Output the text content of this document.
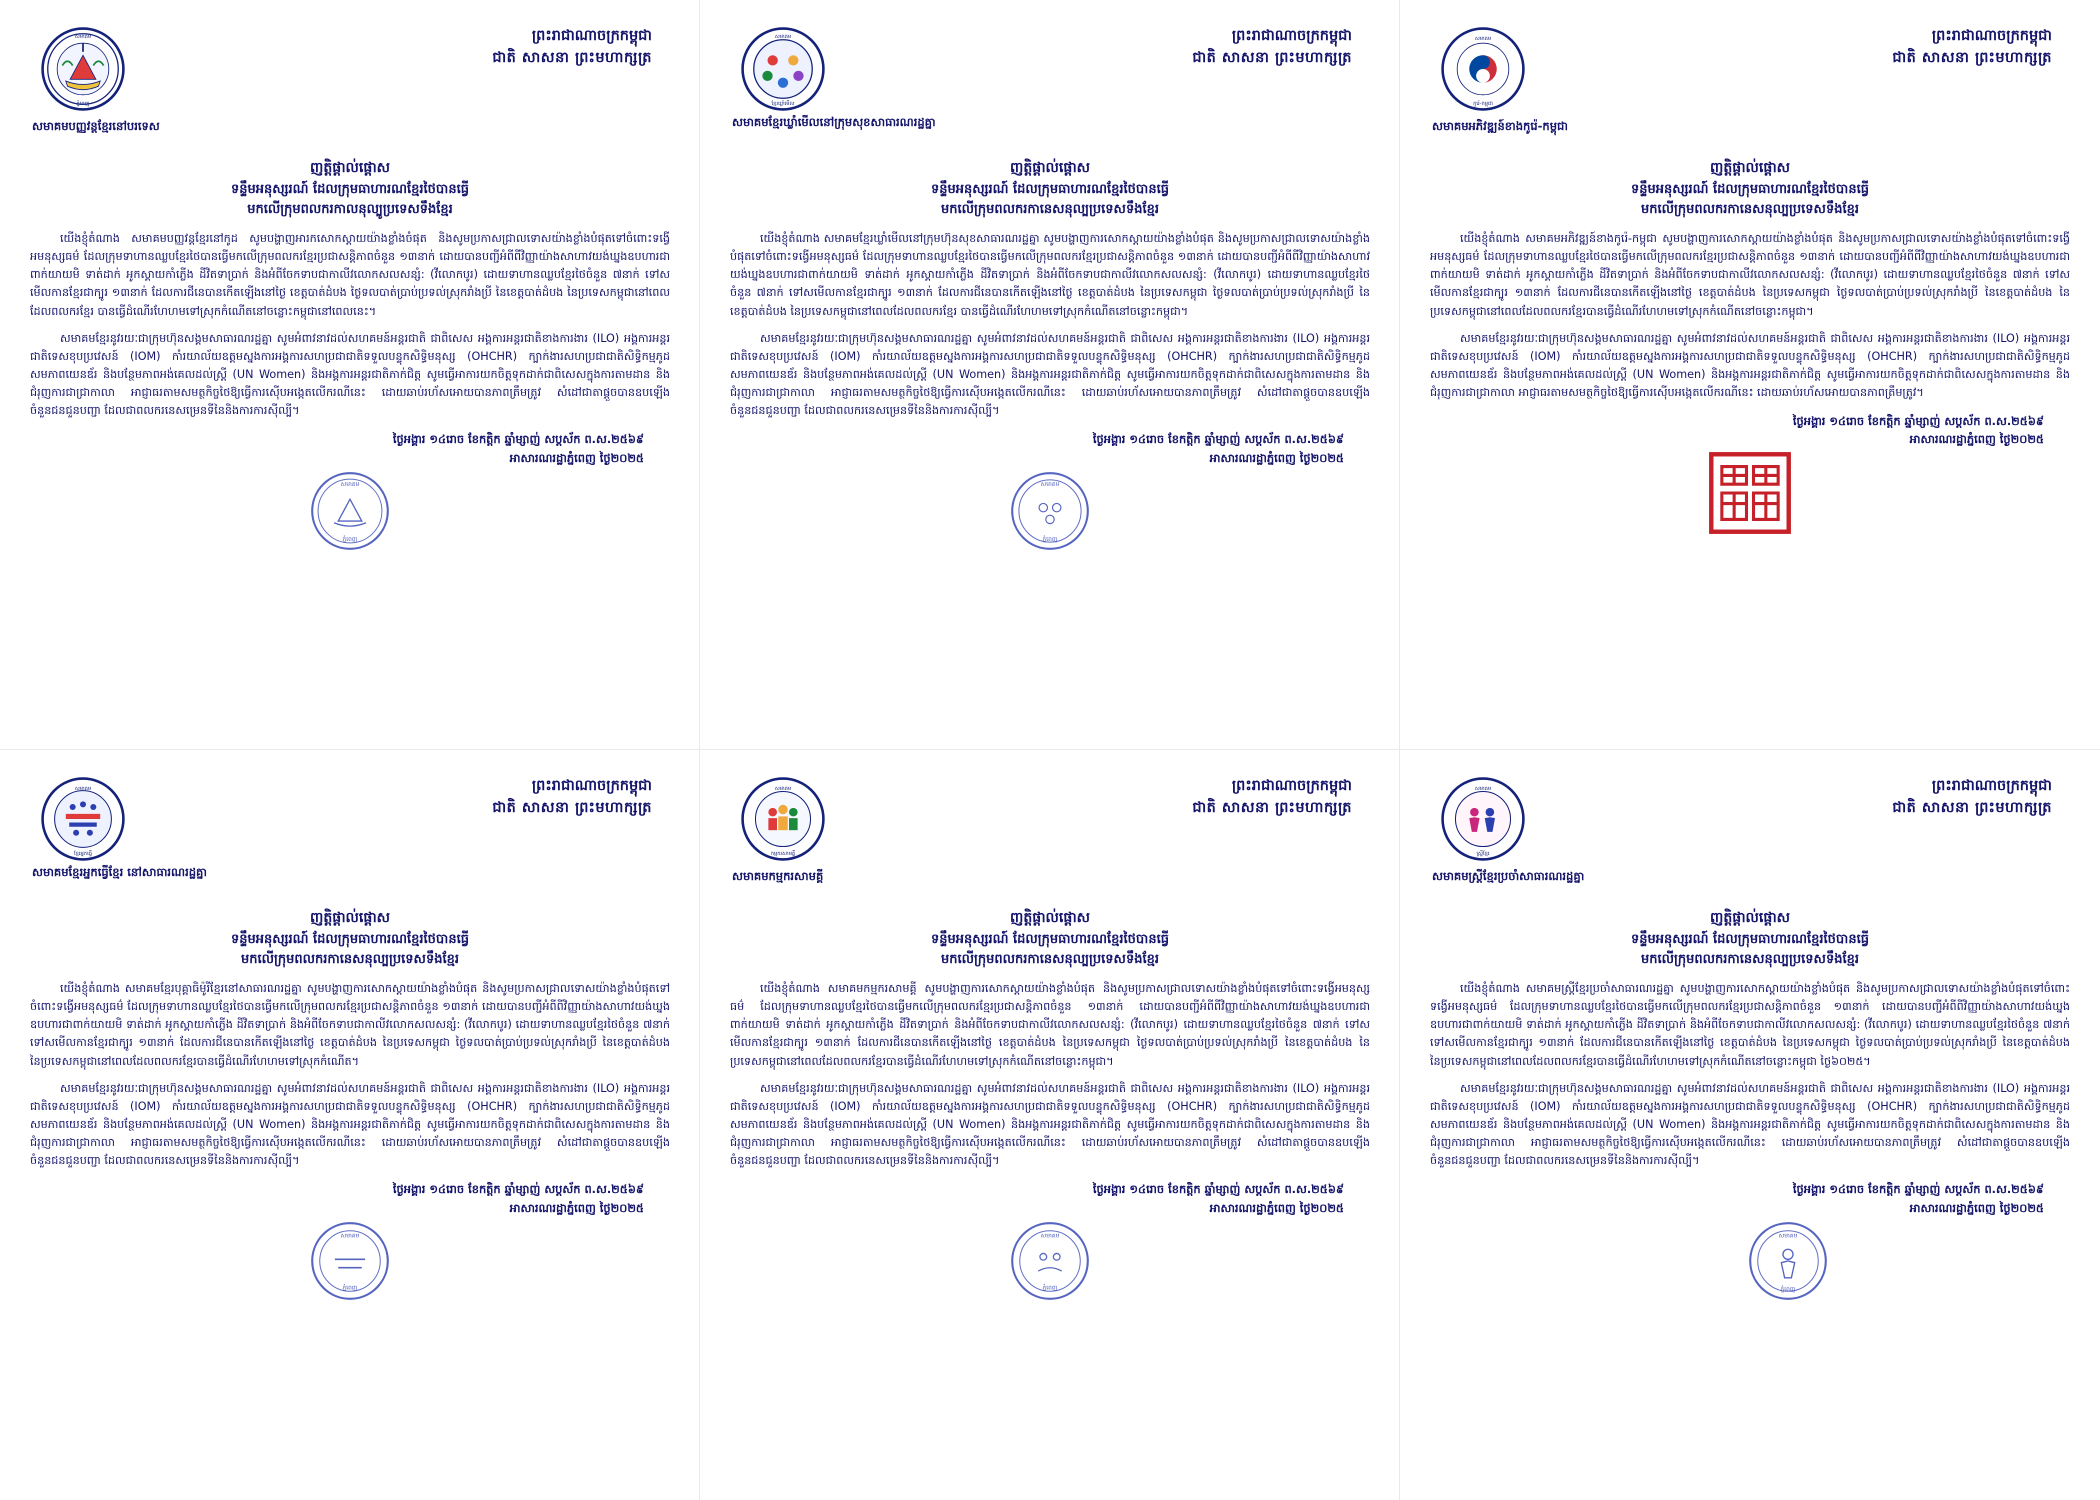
សមាគម
ភ្នំពេញ
ព្រះរាជាណាចក្រកម្ពុជា
ជាតិ សាសនា ព្រះមហាក្សត្រ
សមាគមបញ្ញវន្តខ្មែរនៅបរទេស
ញត្តិផ្តាល់ផ្តោស
ទន្ទឹមអនុស្សរណ៍ ដែលក្រុមធាហារណខ្មែរថៃបានធ្វើ
មកលើក្រុមពលករកាលនុល្បូប្រទេសទឹងខ្មែរ
យើងខ្ញុំតំណាង សមាគមបញ្ញវន្តខ្មែរនៅកូដ សូមបង្ហាញអារកសោកស្តាយយ៉ាងខ្លាំងចំផុត និងសូមប្រកាសជ្រាលទោសយ៉ាងខ្លាំងបំផុតទៅចំពោះទង្វើអមនុស្សធម៌ ដែលក្រុមទាហានឈ្លបខ្មែរថៃបានធ្វើមកលើក្រុមពលករខ្មែរប្រជាសន្តិភាពចំនួន ១៣នាក់ ដោយបានបញ្ជីអំពីពីវិញ្ញាយ៉ាងសាហាវយង់ឃ្នងឧបហារជាពាក់យាយមិ ទាត់ដាក់ អូកស្គាយកាំភ្លើង ដីវិតទាប្រាក់ និងអំពីចែកទាបជាកាលីវលោកសលសន្សំ: (វីលោកបូរ) ដោយទាហានឈ្លបខ្មែរថៃចំនួន ៧នាក់ ទៅសមើលកានខ្មែរជាក្បូរ ១៣នាក់ ដែលការជីនេបានកើតឡើងនៅថ្ងៃ ខេត្តបាត់ដំបង ថ្ងៃទលបាត់ប្រាប់ប្រទល់ស្រុករាំងប្រី នៃខេត្តបាត់ដំបង នៃប្រទេសកម្ពុជានៅពេលដែលពលករខ្មែរ បានធ្វើដំណើរហែហមទៅស្រុកកំណើតនៅចន្លោះកម្ពុជានៅពេលនេះ។
សមាគមខ្មែរនូវរយៈជាក្រុមហ៊ុនសង្គមសាធារណរដ្ឋគ្នា សូមអំពាវនាវដល់សហគមន៍អន្តរជាតិ ជាពិសេស អង្គការអន្តរជាតិខាងការងារ (ILO) អង្គការអន្តរជាតិទេសខុបប្រវេសន៍ (IOM) កាំរយាល័យឧត្តមស្នងការអង្គការសហប្រជាជាតិទទួលបន្ទុកសិទ្ធិមនុស្ស (OHCHR) ក្បាក់ងារសហប្រជាជាតិសិទ្ធិកម្មភូដសមភាពយេនឌ័រ និងបន្ថែមភាពអង់គេលដល់ស្ត្រី (UN Women) និងអង្គការអន្តរជាតិភាក់ជិត្ត សូមធ្វើអាការយកចិត្តទុកដាក់ជាពិសេសក្នុងការតាមដាន និងជំរុញការជាជ្រាកាលា អាជ្ញាធរតាមសមត្ថកិច្ចថៃឱ្យធ្វើការស៊ើបអង្កេតលើករណីនេះ ដោយឆាប់រហ័សអោយបានភាពត្រឹមត្រូវ សំដៅជាតាផ្តួចបានឧបឡើងចំនួនជនជួនបញ្ជា ដែលជាពលករនេសម្រេនទីនៃនិងការការស៊ីល្បី។
ថ្ងៃអង្គារ ១៤រោច ខែកត្តិក ឆ្នាំម្សាញ់ សប្តស័ក ព.ស.២៥៦៩
អាសារណរដ្ឋាភ្នំពេញ ថ្ងៃ២០២៥
សមាគម
ភ្នំពេញ
សមាគម
ខ្មែរឃ្លាំមើល
ព្រះរាជាណាចក្រកម្ពុជា
ជាតិ សាសនា ព្រះមហាក្សត្រ
សមាគមខ្មែរឃ្លាំមើលនៅក្រុមសុខសាធារណរដ្ឋគ្នា
ញត្តិផ្តាល់ផ្តោស
ទន្ទឹមអនុស្សរណ៍ ដែលក្រុមធាហារណខ្មែរថៃបានធ្វើ
មកលើក្រុមពលករកានេសនុល្បប្រទេសទឹងខ្មែរ
យើងខ្ញុំតំណាង សមាគមខ្មែរឃ្លាំមើលនៅក្រុមហ៊ុនសុខសាធារណរដ្ឋគ្នា សូមបង្ហាញការសោកស្តាយយ៉ាងខ្លាំងបំផុត និងសូមប្រកាសជ្រាលទោសយ៉ាងខ្លាំងបំផុតទៅចំពោះទង្វើអមនុស្សធម៌ ដែលក្រុមទាហានឈ្លបខ្មែរថៃបានធ្វើមកលើក្រុមពលករខ្មែរប្រជាសន្តិភាពចំនួន ១៣នាក់ ដោយបានបញ្ជីអំពីពីវិញ្ញាយ៉ាងសាហាវយង់ឃ្នងឧបហារជាពាក់យាយមិ ទាត់ដាក់ អូកស្គាយកាំភ្លើង ដីវិតទាប្រាក់ និងអំពីចែកទាបជាកាលីវលោកសលសន្សំ: (វីលោកបូរ) ដោយទាហានឈ្លបខ្មែរថៃចំនួន ៧នាក់ ទៅសមើលកានខ្មែរជាក្បូរ ១៣នាក់ ដែលការជីនេបានកើតឡើងនៅថ្ងៃ ខេត្តបាត់ដំបង នៃប្រទេសកម្ពុជា ថ្ងៃទលបាត់ប្រាប់ប្រទល់ស្រុករាំងប្រី នៃខេត្តបាត់ដំបង នៃប្រទេសកម្ពុជានៅពេលដែលពលករខ្មែរ បានធ្វើដំណើរហែហមទៅស្រុកកំណើតនៅចន្លោះកម្ពុជា។
សមាគមខ្មែរនូវរយៈជាក្រុមហ៊ុនសង្គមសាធារណរដ្ឋគ្នា សូមអំពាវនាវដល់សហគមន៍អន្តរជាតិ ជាពិសេស អង្គការអន្តរជាតិខាងការងារ (ILO) អង្គការអន្តរជាតិទេសខុបប្រវេសន៍ (IOM) កាំរយាល័យឧត្តមស្នងការអង្គការសហប្រជាជាតិទទួលបន្ទុកសិទ្ធិមនុស្ស (OHCHR) ក្បាក់ងារសហប្រជាជាតិសិទ្ធិកម្មភូដសមភាពយេនឌ័រ និងបន្ថែមភាពអង់គេលដល់ស្ត្រី (UN Women) និងអង្គការអន្តរជាតិភាក់ជិត្ត សូមធ្វើអាការយកចិត្តទុកដាក់ជាពិសេសក្នុងការតាមដាន និងជំរុញការជាជ្រាកាលា អាជ្ញាធរតាមសមត្ថកិច្ចថៃឱ្យធ្វើការស៊ើបអង្កេតលើករណីនេះ ដោយឆាប់រហ័សអោយបានភាពត្រឹមត្រូវ សំដៅជាតាផ្តួចបានឧបឡើងចំនួនជនជួនបញ្ជា ដែលជាពលករនេសម្រេនទីនៃនិងការការស៊ីល្បី។
ថ្ងៃអង្គារ ១៤រោច ខែកត្តិក ឆ្នាំម្សាញ់ សប្តស័ក ព.ស.២៥៦៩
អាសារណរដ្ឋាភ្នំពេញ ថ្ងៃ២០២៥
សមាគម
ភ្នំពេញ
សមាគម
កូរ៉េ-កម្ពុជា
ព្រះរាជាណាចក្រកម្ពុជា
ជាតិ សាសនា ព្រះមហាក្សត្រ
សមាគមអភិវឌ្ឍន៍ខាងកូរ៉េ-កម្ពុជា
ញត្តិផ្តាល់ផ្តោស
ទន្ទឹមអនុស្សរណ៍ ដែលក្រុមធាហារណខ្មែរថៃបានធ្វើ
មកលើក្រុមពលករកានេសនុល្បប្រទេសទឹងខ្មែរ
យើងខ្ញុំតំណាង សមាគមអភិវឌ្ឍន៍ខាងកូរ៉េ-កម្ពុជា សូមបង្ហាញការសោកស្តាយយ៉ាងខ្លាំងបំផុត និងសូមប្រកាសជ្រាលទោសយ៉ាងខ្លាំងបំផុតទៅចំពោះទង្វើអមនុស្សធម៌ ដែលក្រុមទាហានឈ្លបខ្មែរថៃបានធ្វើមកលើក្រុមពលករខ្មែរប្រជាសន្តិភាពចំនួន ១៣នាក់ ដោយបានបញ្ជីអំពីពីវិញ្ញាយ៉ាងសាហាវយង់ឃ្នងឧបហារជាពាក់យាយមិ ទាត់ដាក់ អូកស្គាយកាំភ្លើង ដីវិតទាប្រាក់ និងអំពីចែកទាបជាកាលីវលោកសលសន្សំ: (វីលោកបូរ) ដោយទាហានឈ្លបខ្មែរថៃចំនួន ៧នាក់ ទៅសមើលកានខ្មែរជាក្បូរ ១៣នាក់ ដែលការជីនេបានកើតឡើងនៅថ្ងៃ ខេត្តបាត់ដំបង នៃប្រទេសកម្ពុជា ថ្ងៃទលបាត់ប្រាប់ប្រទល់ស្រុករាំងប្រី នៃខេត្តបាត់ដំបង នៃប្រទេសកម្ពុជានៅពេលដែលពលករខ្មែរបានធ្វើដំណើរហែហមទៅស្រុកកំណើតនៅចន្លោះកម្ពុជា។
សមាគមខ្មែរនូវរយៈជាក្រុមហ៊ុនសង្គមសាធារណរដ្ឋគ្នា សូមអំពាវនាវដល់សហគមន៍អន្តរជាតិ ជាពិសេស អង្គការអន្តរជាតិខាងការងារ (ILO) អង្គការអន្តរជាតិទេសខុបប្រវេសន៍ (IOM) កាំរយាល័យឧត្តមស្នងការអង្គការសហប្រជាជាតិទទួលបន្ទុកសិទ្ធិមនុស្ស (OHCHR) ក្បាក់ងារសហប្រជាជាតិសិទ្ធិកម្មភូដសមភាពយេនឌ័រ និងបន្ថែមភាពអង់គេលដល់ស្ត្រី (UN Women) និងអង្គការអន្តរជាតិភាក់ជិត្ត សូមធ្វើអាការយកចិត្តទុកដាក់ជាពិសេសក្នុងការតាមដាន និងជំរុញការជាជ្រាកាលា អាជ្ញាធរតាមសមត្ថកិច្ចថៃឱ្យធ្វើការស៊ើបអង្កេតលើករណីនេះ ដោយឆាប់រហ័សអោយបានភាពត្រឹមត្រូវ។
ថ្ងៃអង្គារ ១៤រោច ខែកត្តិក ឆ្នាំម្សាញ់ សប្តស័ក ព.ស.២៥៦៩
អាសារណរដ្ឋាភ្នំពេញ ថ្ងៃ២០២៥
សមាគម
ខ្មែរអ្នកធ្វើ
ព្រះរាជាណាចក្រកម្ពុជា
ជាតិ សាសនា ព្រះមហាក្សត្រ
សមាគមខ្មែរអ្នកធ្វើខ្មែរ នៅសាធារណរដ្ឋគ្នា
ញត្តិផ្តាល់ផ្តោស
ទន្ទឹមអនុស្សរណ៍ ដែលក្រុមធាហារណខ្មែរថៃបានធ្វើ
មកលើក្រុមពលករកានេសនុល្បប្រទេសទឹងខ្មែរ
យើងខ្ញុំតំណាង សមាគមខ្មែរបុគ្គាធិម៉ូរីខ្មែរនៅសាធារណរដ្ឋគ្នា សូមបង្ហាញការសោកស្តាយយ៉ាងខ្លាំងបំផុត និងសូមប្រកាសជ្រាលទោសយ៉ាងខ្លាំងបំផុតទៅចំពោះទង្វើអមនុស្សធម៌ ដែលក្រុមទាហានឈ្លបខ្មែរថៃបានធ្វើមកលើក្រុមពលករខ្មែរប្រជាសន្តិភាពចំនួន ១៣នាក់ ដោយបានបញ្ជីអំពីពីវិញ្ញាយ៉ាងសាហាវយង់ឃ្នងឧបហារជាពាក់យាយមិ ទាត់ដាក់ អូកស្គាយកាំភ្លើង ដីវិតទាប្រាក់ និងអំពីចែកទាបជាកាលីវលោកសលសន្សំ: (វីលោកបូរ) ដោយទាហានឈ្លបខ្មែរថៃចំនួន ៧នាក់ ទៅសមើលកានខ្មែរជាក្បូរ ១៣នាក់ ដែលការជីនេបានកើតឡើងនៅថ្ងៃ ខេត្តបាត់ដំបង នៃប្រទេសកម្ពុជា ថ្ងៃទលបាត់ប្រាប់ប្រទល់ស្រុករាំងប្រី នៃខេត្តបាត់ដំបង នៃប្រទេសកម្ពុជានៅពេលដែលពលករខ្មែរបានធ្វើដំណើរហែហមទៅស្រុកកំណើត។
សមាគមខ្មែរនូវរយៈជាក្រុមហ៊ុនសង្គមសាធារណរដ្ឋគ្នា សូមអំពាវនាវដល់សហគមន៍អន្តរជាតិ ជាពិសេស អង្គការអន្តរជាតិខាងការងារ (ILO) អង្គការអន្តរជាតិទេសខុបប្រវេសន៍ (IOM) កាំរយាល័យឧត្តមស្នងការអង្គការសហប្រជាជាតិទទួលបន្ទុកសិទ្ធិមនុស្ស (OHCHR) ក្បាក់ងារសហប្រជាជាតិសិទ្ធិកម្មភូដសមភាពយេនឌ័រ និងបន្ថែមភាពអង់គេលដល់ស្ត្រី (UN Women) និងអង្គការអន្តរជាតិភាក់ជិត្ត សូមធ្វើអាការយកចិត្តទុកដាក់ជាពិសេសក្នុងការតាមដាន និងជំរុញការជាជ្រាកាលា អាជ្ញាធរតាមសមត្ថកិច្ចថៃឱ្យធ្វើការស៊ើបអង្កេតលើករណីនេះ ដោយឆាប់រហ័សអោយបានភាពត្រឹមត្រូវ សំដៅជាតាផ្តួចបានឧបឡើងចំនួនជនជួនបញ្ជា ដែលជាពលករនេសម្រេនទីនៃនិងការការស៊ីល្បី។
ថ្ងៃអង្គារ ១៤រោច ខែកត្តិក ឆ្នាំម្សាញ់ សប្តស័ក ព.ស.២៥៦៩
អាសារណរដ្ឋាភ្នំពេញ ថ្ងៃ២០២៥
សមាគម
ភ្នំពេញ
សមាគម
កម្មករសាមគ្គី
ព្រះរាជាណាចក្រកម្ពុជា
ជាតិ សាសនា ព្រះមហាក្សត្រ
សមាគមកម្មករសាមគ្គី
ញត្តិផ្តាល់ផ្តោស
ទន្ទឹមអនុស្សរណ៍ ដែលក្រុមធាហារណខ្មែរថៃបានធ្វើ
មកលើក្រុមពលករកានេសនុល្បប្រទេសទឹងខ្មែរ
យើងខ្ញុំតំណាង សមាគមកម្មករសាមគ្គី សូមបង្ហាញការសោកស្តាយយ៉ាងខ្លាំងបំផុត និងសូមប្រកាសជ្រាលទោសយ៉ាងខ្លាំងបំផុតទៅចំពោះទង្វើអមនុស្សធម៌ ដែលក្រុមទាហានឈ្លបខ្មែរថៃបានធ្វើមកលើក្រុមពលករខ្មែរប្រជាសន្តិភាពចំនួន ១៣នាក់ ដោយបានបញ្ជីអំពីពីវិញ្ញាយ៉ាងសាហាវយង់ឃ្នងឧបហារជាពាក់យាយមិ ទាត់ដាក់ អូកស្គាយកាំភ្លើង ដីវិតទាប្រាក់ និងអំពីចែកទាបជាកាលីវលោកសលសន្សំ: (វីលោកបូរ) ដោយទាហានឈ្លបខ្មែរថៃចំនួន ៧នាក់ ទៅសមើលកានខ្មែរជាក្បូរ ១៣នាក់ ដែលការជីនេបានកើតឡើងនៅថ្ងៃ ខេត្តបាត់ដំបង នៃប្រទេសកម្ពុជា ថ្ងៃទលបាត់ប្រាប់ប្រទល់ស្រុករាំងប្រី នៃខេត្តបាត់ដំបង នៃប្រទេសកម្ពុជានៅពេលដែលពលករខ្មែរបានធ្វើដំណើរហែហមទៅស្រុកកំណើតនៅចន្លោះកម្ពុជា។
សមាគមខ្មែរនូវរយៈជាក្រុមហ៊ុនសង្គមសាធារណរដ្ឋគ្នា សូមអំពាវនាវដល់សហគមន៍អន្តរជាតិ ជាពិសេស អង្គការអន្តរជាតិខាងការងារ (ILO) អង្គការអន្តរជាតិទេសខុបប្រវេសន៍ (IOM) កាំរយាល័យឧត្តមស្នងការអង្គការសហប្រជាជាតិទទួលបន្ទុកសិទ្ធិមនុស្ស (OHCHR) ក្បាក់ងារសហប្រជាជាតិសិទ្ធិកម្មភូដសមភាពយេនឌ័រ និងបន្ថែមភាពអង់គេលដល់ស្ត្រី (UN Women) និងអង្គការអន្តរជាតិភាក់ជិត្ត សូមធ្វើអាការយកចិត្តទុកដាក់ជាពិសេសក្នុងការតាមដាន និងជំរុញការជាជ្រាកាលា អាជ្ញាធរតាមសមត្ថកិច្ចថៃឱ្យធ្វើការស៊ើបអង្កេតលើករណីនេះ ដោយឆាប់រហ័សអោយបានភាពត្រឹមត្រូវ សំដៅជាតាផ្តួចបានឧបឡើងចំនួនជនជួនបញ្ជា ដែលជាពលករនេសម្រេនទីនៃនិងការការស៊ីល្បី។
ថ្ងៃអង្គារ ១៤រោច ខែកត្តិក ឆ្នាំម្សាញ់ សប្តស័ក ព.ស.២៥៦៩
អាសារណរដ្ឋាភ្នំពេញ ថ្ងៃ២០២៥
សមាគម
ភ្នំពេញ
សមាគម
ស្ត្រីខ្មែរ
ព្រះរាជាណាចក្រកម្ពុជា
ជាតិ សាសនា ព្រះមហាក្សត្រ
សមាគមស្ត្រីខ្មែរប្រចាំសាធារណរដ្ឋគ្នា
ញត្តិផ្តាល់ផ្តោស
ទន្ទឹមអនុស្សរណ៍ ដែលក្រុមធាហារណខ្មែរថៃបានធ្វើ
មកលើក្រុមពលករកានេសនុល្បប្រទេសទឹងខ្មែរ
យើងខ្ញុំតំណាង សមាគមស្ត្រីខ្មែរប្រចាំសាធារណរដ្ឋគ្នា សូមបង្ហាញការសោកស្តាយយ៉ាងខ្លាំងបំផុត និងសូមប្រកាសជ្រាលទោសយ៉ាងខ្លាំងបំផុតទៅចំពោះទង្វើអមនុស្សធម៌ ដែលក្រុមទាហានឈ្លបខ្មែរថៃបានធ្វើមកលើក្រុមពលករខ្មែរប្រជាសន្តិភាពចំនួន ១៣នាក់ ដោយបានបញ្ជីអំពីពីវិញ្ញាយ៉ាងសាហាវយង់ឃ្នងឧបហារជាពាក់យាយមិ ទាត់ដាក់ អូកស្គាយកាំភ្លើង ដីវិតទាប្រាក់ និងអំពីចែកទាបជាកាលីវលោកសលសន្សំ: (វីលោកបូរ) ដោយទាហានឈ្លបខ្មែរថៃចំនួន ៧នាក់ ទៅសមើលកានខ្មែរជាក្បូរ ១៣នាក់ ដែលការជីនេបានកើតឡើងនៅថ្ងៃ ខេត្តបាត់ដំបង នៃប្រទេសកម្ពុជា ថ្ងៃទលបាត់ប្រាប់ប្រទល់ស្រុករាំងប្រី នៃខេត្តបាត់ដំបង នៃប្រទេសកម្ពុជានៅពេលដែលពលករខ្មែរបានធ្វើដំណើរហែហមទៅស្រុកកំណើតនៅចន្លោះកម្ពុជា ថ្ងៃ៦០២៥។
សមាគមខ្មែរនូវរយៈជាក្រុមហ៊ុនសង្គមសាធារណរដ្ឋគ្នា សូមអំពាវនាវដល់សហគមន៍អន្តរជាតិ ជាពិសេស អង្គការអន្តរជាតិខាងការងារ (ILO) អង្គការអន្តរជាតិទេសខុបប្រវេសន៍ (IOM) កាំរយាល័យឧត្តមស្នងការអង្គការសហប្រជាជាតិទទួលបន្ទុកសិទ្ធិមនុស្ស (OHCHR) ក្បាក់ងារសហប្រជាជាតិសិទ្ធិកម្មភូដសមភាពយេនឌ័រ និងបន្ថែមភាពអង់គេលដល់ស្ត្រី (UN Women) និងអង្គការអន្តរជាតិភាក់ជិត្ត សូមធ្វើអាការយកចិត្តទុកដាក់ជាពិសេសក្នុងការតាមដាន និងជំរុញការជាជ្រាកាលា អាជ្ញាធរតាមសមត្ថកិច្ចថៃឱ្យធ្វើការស៊ើបអង្កេតលើករណីនេះ ដោយឆាប់រហ័សអោយបានភាពត្រឹមត្រូវ សំដៅជាតាផ្តួចបានឧបឡើងចំនួនជនជួនបញ្ជា ដែលជាពលករនេសម្រេនទីនៃនិងការការស៊ីល្បី។
ថ្ងៃអង្គារ ១៤រោច ខែកត្តិក ឆ្នាំម្សាញ់ សប្តស័ក ព.ស.២៥៦៩
អាសារណរដ្ឋាភ្នំពេញ ថ្ងៃ២០២៥
សមាគម
ភ្នំពេញ
